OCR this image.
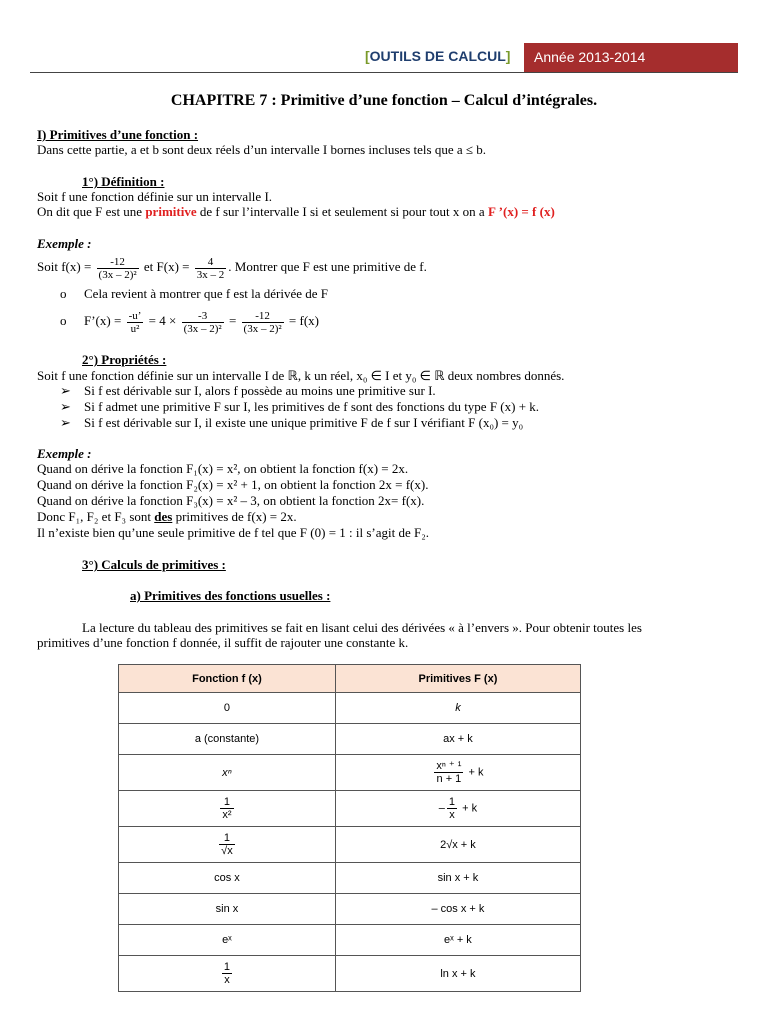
[OUTILS DE CALCUL]	Année 2013-2014
CHAPITRE 7 : Primitive d’une fonction – Calcul d’intégrales.
I) Primitives d’une fonction :
Dans cette partie, a et b sont deux réels d’un intervalle I bornes incluses tels que a ≤ b.
1°) Définition :
Soit f une fonction définie sur un intervalle I.
On dit que F est une primitive de f sur l’intervalle I si et seulement si pour tout x on a F ’(x) = f (x)
Exemple :
Soit $f(x) = \frac{-12}{\text{(3x – 2)²}}$ et $F(x) = \frac{4}{3x - 2}$ . Montrer que F est une primitive de f.
o Cela revient à montrer que f est la dérivée de F
o F’(x) = $\frac{-u’}{\text{u²}} = 4 \times \frac{-3}{\text{(3x – 2)²}} = \frac{-12}{\text{(3x – 2)²}} = f(x)$
2°) Propriétés :
Soit f une fonction définie sur un intervalle I de ℝ, k un réel, x₀ ∈ I et y₀ ∈ ℝ deux nombres donnés.
➢ Si f est dérivable sur I, alors f possède au moins une primitive sur I.
➢ Si f admet une primitive F sur I, les primitives de f sont des fonctions du type F (x) + k.
➢ Si f est dérivable sur I, il existe une unique primitive F de f sur I vérifiant F (x₀) = y₀
Exemple :
Quand on dérive la fonction F₁(x) = x², on obtient la fonction f(x) = 2x.
Quand on dérive la fonction F₂(x) = x² + 1, on obtient la fonction 2x = f(x).
Quand on dérive la fonction F₃(x) = x² – 3, on obtient la fonction 2x= f(x).
Donc F₁, F₂ et F₃ sont des primitives de f(x) = 2x.
Il n’existe bien qu’une seule primitive de f tel que F (0) = 1 : il s’agit de F₂.
3°) Calculs de primitives :
a) Primitives des fonctions usuelles :
La lecture du tableau des primitives se fait en lisant celui des dérivées « à l’envers ». Pour obtenir toutes les
primitives d’une fonction f donnée, il suffit de rajouter une constante k.
Fonction f (x)	Primitives F (x)
0	k
a (constante)	ax + k
xⁿ	$\frac{\text{xⁿ ⁺ ¹}}{n + 1} + k$

$\frac{1}{\text{x²}}$	– $\frac{1}{x} + k$

$\frac{1}{√x}$	2√x + k
cos x	sin x + k
sin x	– cos x + k
eˣ	eˣ + k

$\frac{1}{x}$	ln x + k
